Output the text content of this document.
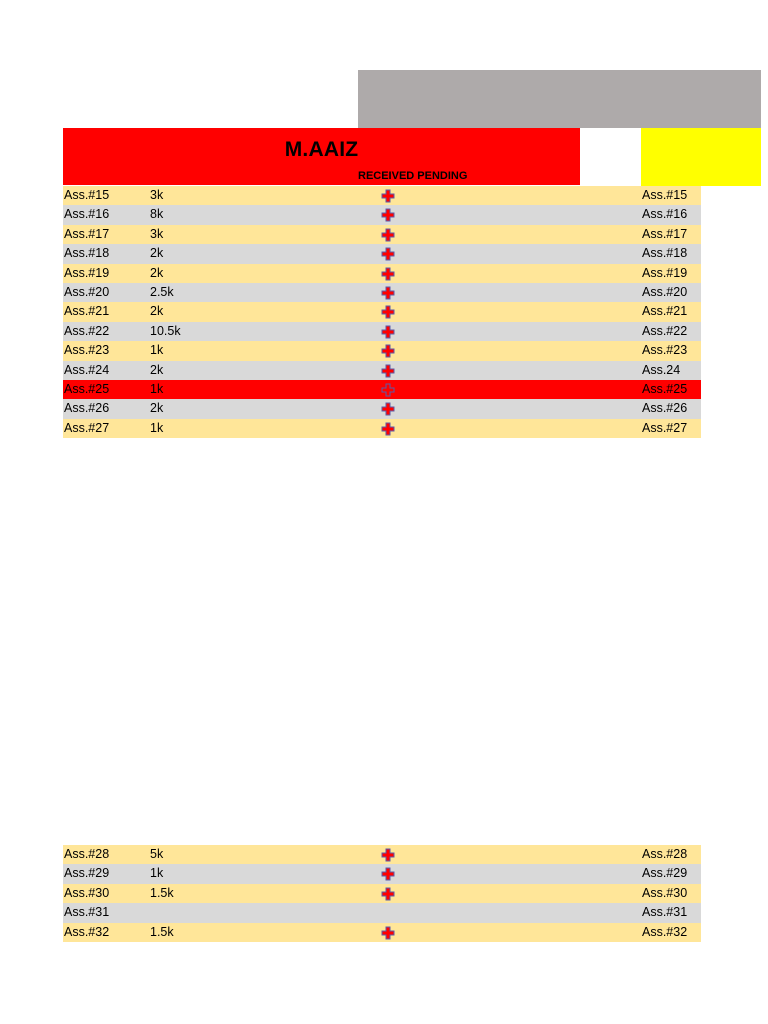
M.AAIZ
RECEIVED PENDING
Ass.#15	3k	Ass.#15
Ass.#16	8k	Ass.#16
Ass.#17	3k	Ass.#17
Ass.#18	2k	Ass.#18
Ass.#19	2k	Ass.#19
Ass.#20	2.5k	Ass.#20
Ass.#21	2k	Ass.#21
Ass.#22	10.5k	Ass.#22
Ass.#23	1k	Ass.#23
Ass.#24	2k	Ass.24
Ass.#25	1k	Ass.#25
Ass.#26	2k	Ass.#26
Ass.#27	1k	Ass.#27
Ass.#28	5k	Ass.#28
Ass.#29	1k	Ass.#29
Ass.#30	1.5k	Ass.#30
Ass.#31	Ass.#31
Ass.#32	1.5k	Ass.#32
